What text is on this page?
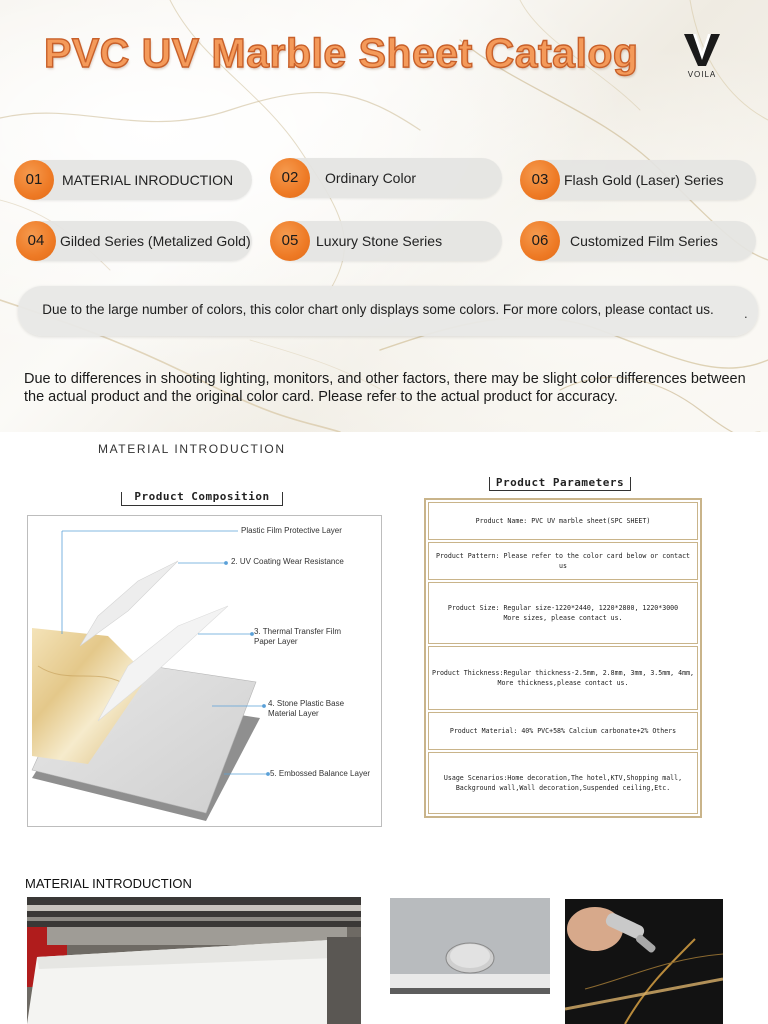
PVC UV Marble Sheet Catalog	VOILA
01	MATERIAL INRODUCTION	02	Ordinary Color	03	Flash Gold (Laser) Series
04	Gilded Series (Metalized Gold)	05	Luxury Stone Series	06	Customized Film Series
Due to the large number of colors, this color chart only displays some colors. For more colors, please contact us.	.
Due to differences in shooting lighting, monitors, and other factors, there may be slight color differences between the actual product and the original color card. Please refer to the actual product for accuracy.
MATERIAL INTRODUCTION
Product Composition
Plastic Film Protective Layer
2. UV Coating Wear Resistance
3. Thermal Transfer Film
Paper Layer
4. Stone Plastic Base
Material Layer
5. Embossed Balance Layer
Product Parameters
Product Name: PVC UV marble sheet(SPC SHEET)
Product Pattern: Please refer to the color card below or contact us
Product Size: Regular size-1220*2440, 1220*2800, 1220*3000
More sizes, please contact us.
Product Thickness:Regular thickness-2.5mm, 2.8mm, 3mm, 3.5mm, 4mm,
More thickness,please contact us.
Product Material: 40% PVC+58% Calcium carbonate+2% Others
Usage Scenarios:Home decoration,The hotel,KTV,Shopping mall,
Background wall,Wall decoration,Suspended ceiling,Etc.
MATERIAL INTRODUCTION
